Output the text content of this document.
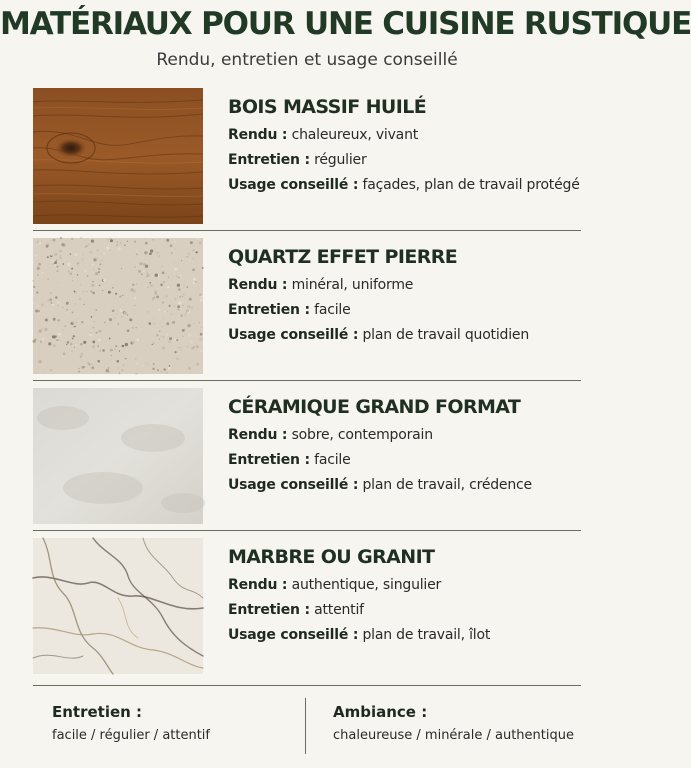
MATÉRIAUX POUR UNE CUISINE RUSTIQUE
Rendu, entretien et usage conseillé
BOIS MASSIF HUILÉ
Rendu : chaleureux, vivant
Entretien : régulier
Usage conseillé : façades, plan de travail protégé
QUARTZ EFFET PIERRE
Rendu : minéral, uniforme
Entretien : facile
Usage conseillé : plan de travail quotidien
CÉRAMIQUE GRAND FORMAT
Rendu : sobre, contemporain
Entretien : facile
Usage conseillé : plan de travail, crédence
MARBRE OU GRANIT
Rendu : authentique, singulier
Entretien : attentif
Usage conseillé : plan de travail, îlot
Entretien :
facile / régulier / attentif
Ambiance :
chaleureuse / minérale / authentique
